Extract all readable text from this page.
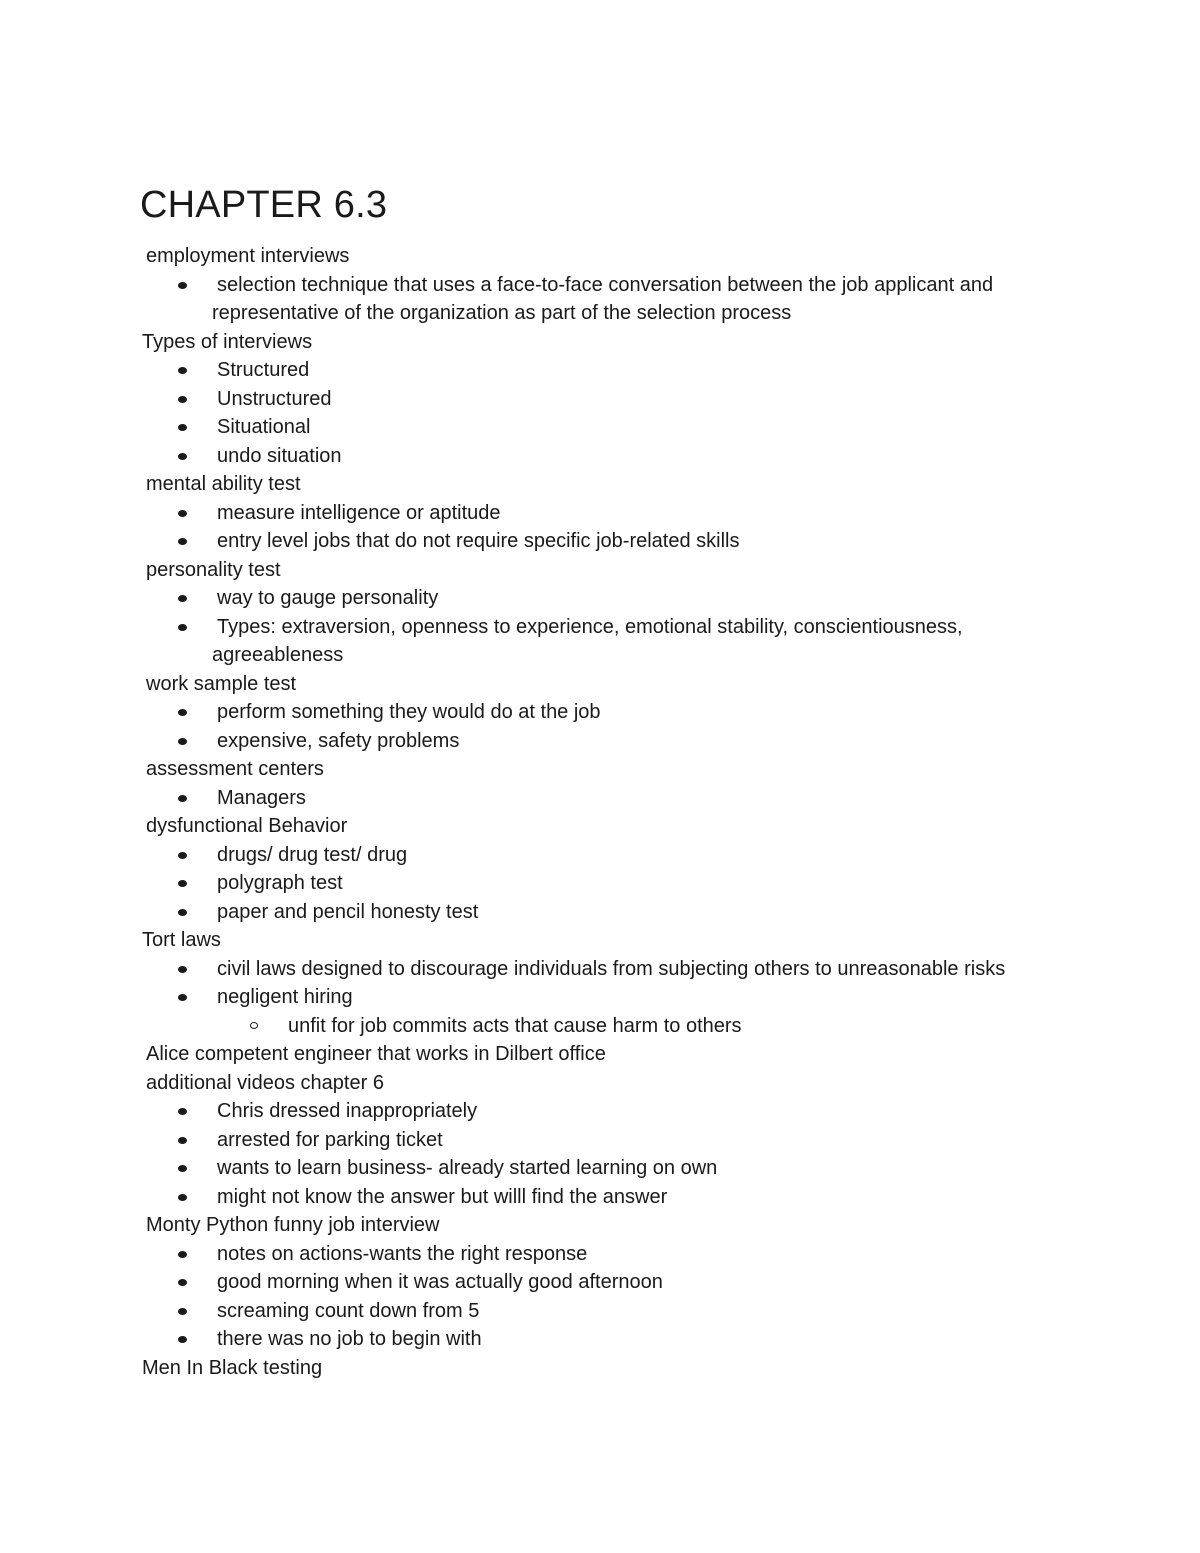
CHAPTER 6.3
employment interviews
selection technique that uses a face-to-face conversation between the job applicant and representative of the organization as part of the selection process
Types of interviews
Structured
Unstructured
Situational
undo situation
mental ability test
measure intelligence or aptitude
entry level jobs that do not require specific job-related skills
personality test
way to gauge personality
Types: extraversion, openness to experience, emotional stability, conscientiousness, agreeableness
work sample test
perform something they would do at the job
expensive, safety problems
assessment centers
Managers
dysfunctional Behavior
drugs/ drug test/ drug
polygraph test
paper and pencil honesty test
Tort laws
civil laws designed to discourage individuals from subjecting others to unreasonable risks
negligent hiring
unfit for job commits acts that cause harm to others
Alice competent engineer that works in Dilbert office
additional videos chapter 6
Chris dressed inappropriately
arrested for parking ticket
wants to learn business- already started learning on own
might not know the answer but willl find the answer
Monty Python funny job interview
notes on actions-wants the right response
good morning when it was actually good afternoon
screaming count down from 5
there was no job to begin with
Men In Black testing
